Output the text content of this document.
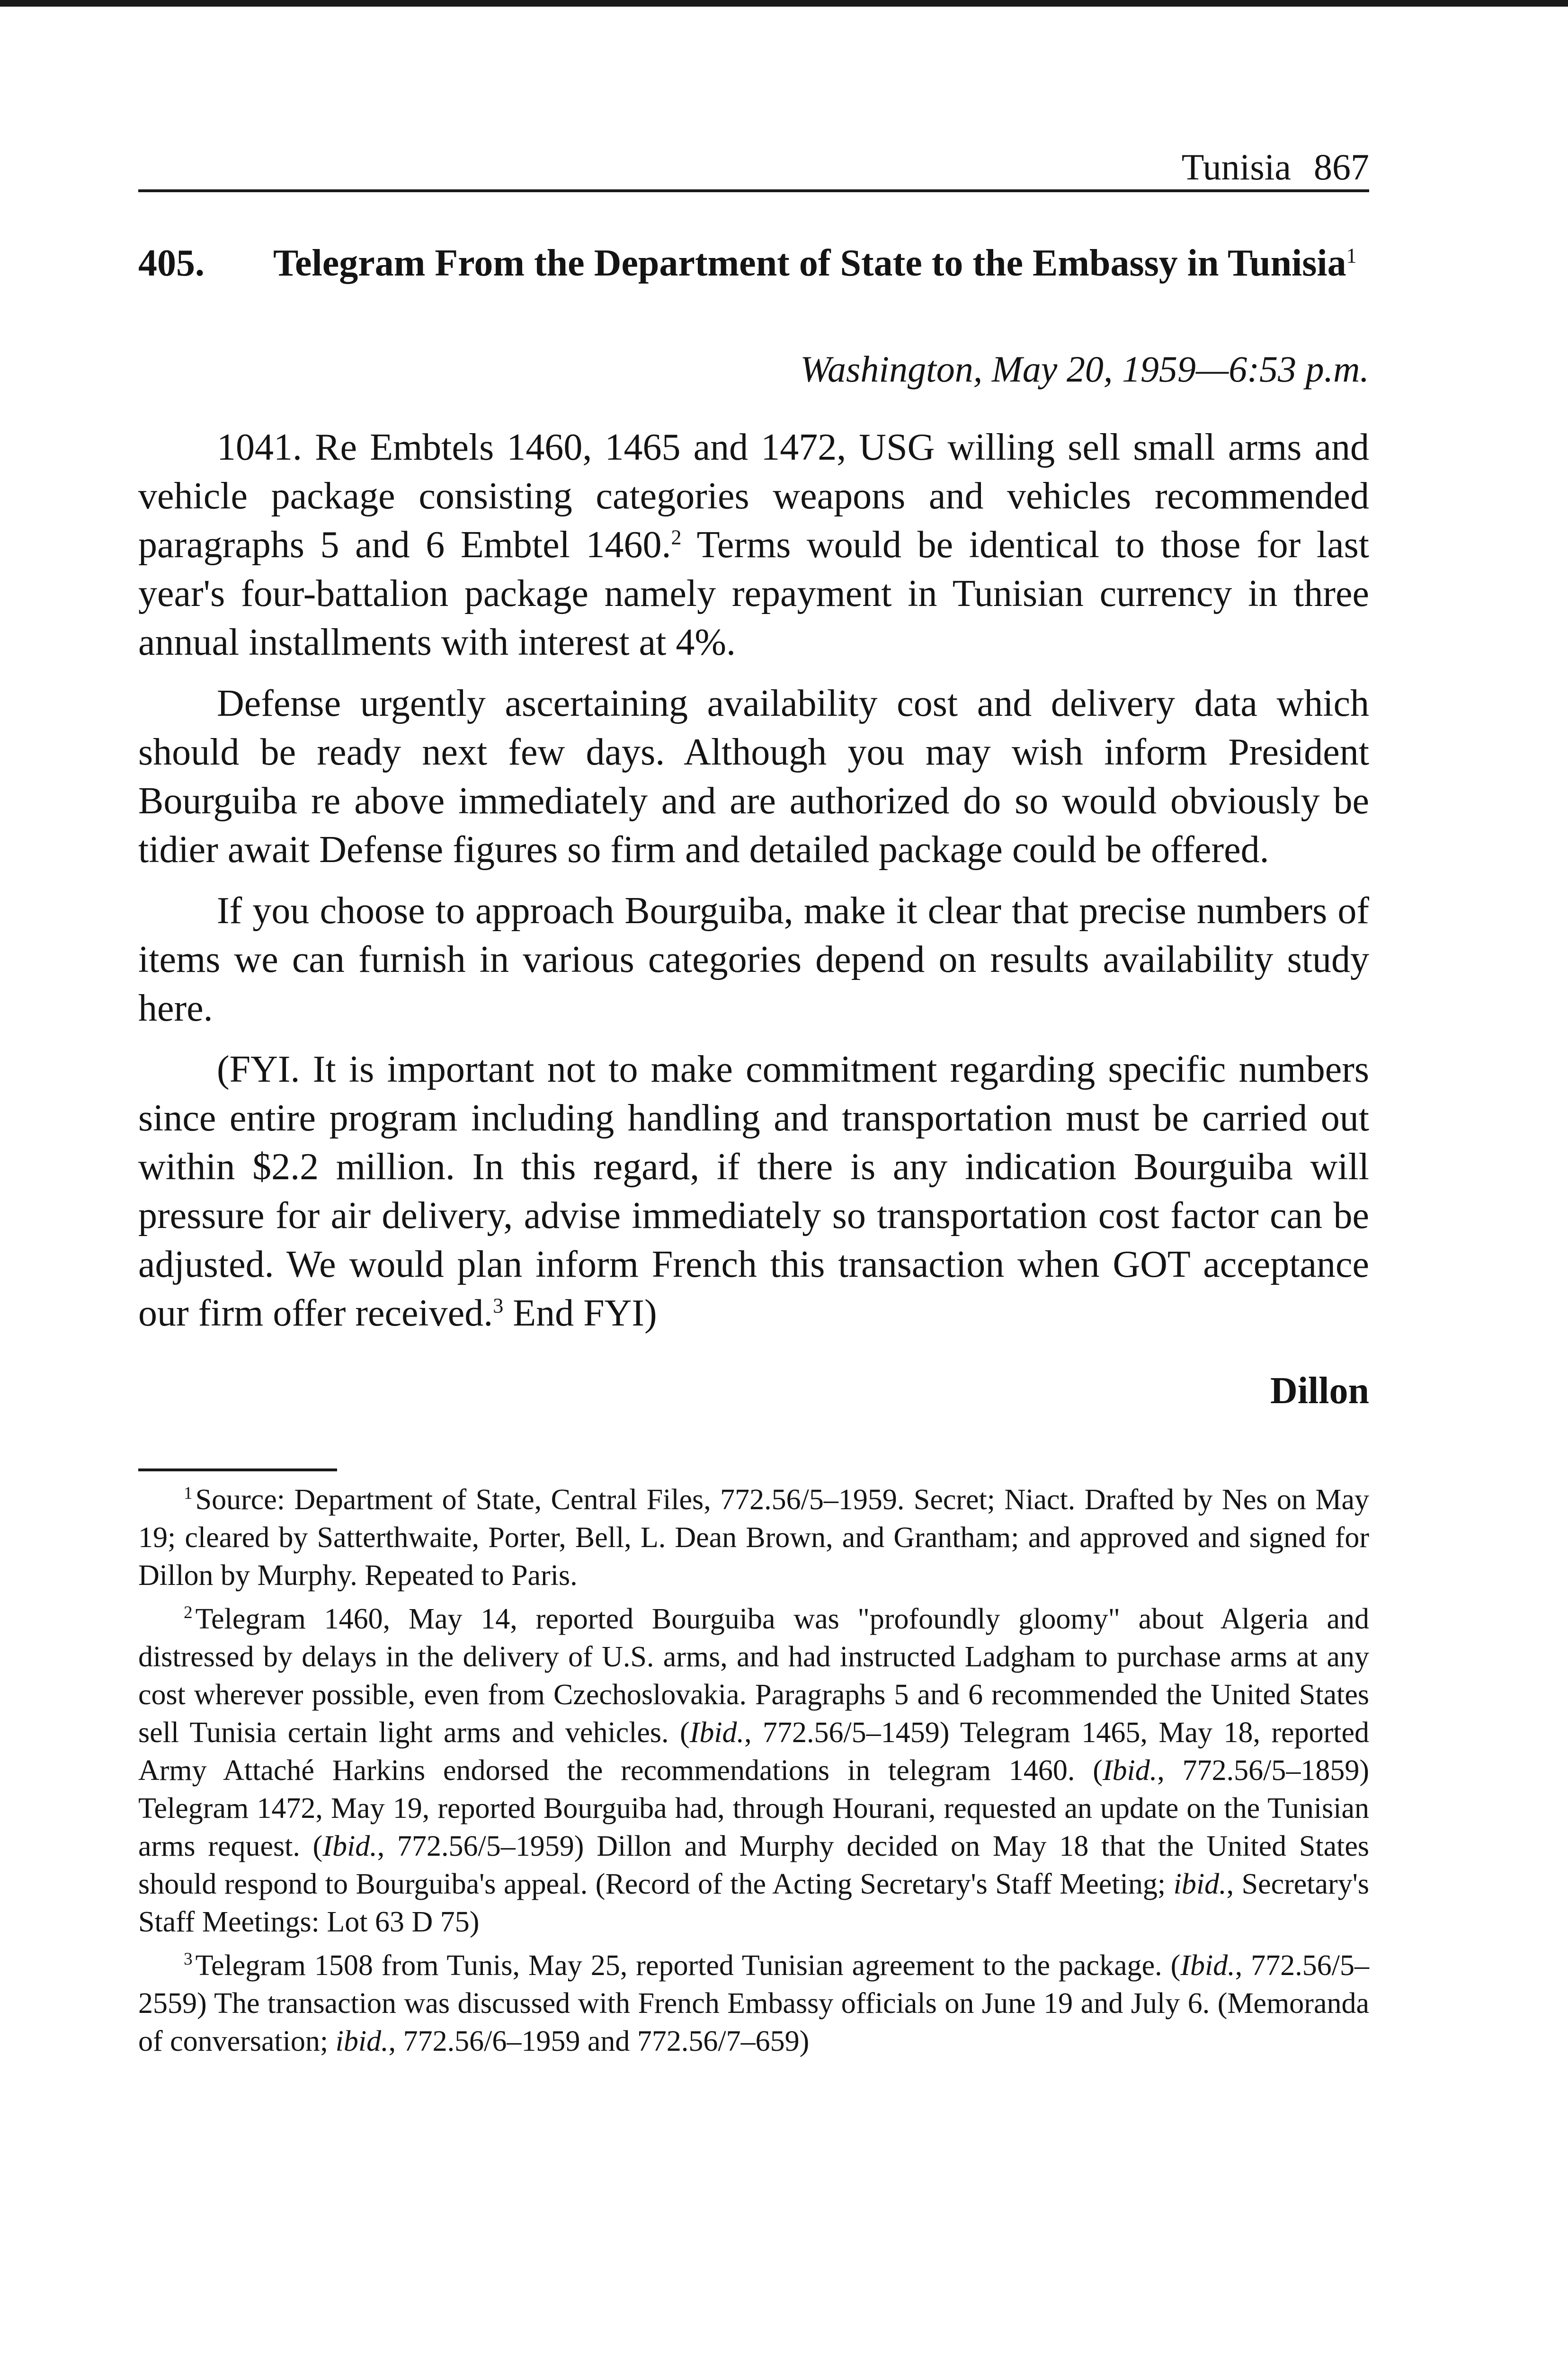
Tunisia 867
405.	Telegram From the Department of State to the Embassy in Tunisia$^1$
Washington, May 20, 1959—6:53 p.m.

1041. Re Embtels 1460, 1465 and 1472, USG willing sell small arms and vehicle package consisting categories weapons and vehicles recommended paragraphs 5 and 6 Embtel 1460.$^2$ Terms would be identical to those for last year's four-battalion package namely repayment in Tunisian currency in three annual installments with interest at 4%.

Defense urgently ascertaining availability cost and delivery data which should be ready next few days. Although you may wish inform President Bourguiba re above immediately and are authorized do so would obviously be tidier await Defense figures so firm and detailed package could be offered.

If you choose to approach Bourguiba, make it clear that precise numbers of items we can furnish in various categories depend on results availability study here.

(FYI. It is important not to make commitment regarding specific numbers since entire program including handling and transportation must be carried out within $2.2 million. In this regard, if there is any indication Bourguiba will pressure for air delivery, advise immediately so transportation cost factor can be adjusted. We would plan inform French this transaction when GOT acceptance our firm offer received.$^3$ End FYI)

Dillon

$^1$Source: Department of State, Central Files, 772.56/5–1959. Secret; Niact. Drafted by Nes on May 19; cleared by Satterthwaite, Porter, Bell, L. Dean Brown, and Grantham; and approved and signed for Dillon by Murphy. Repeated to Paris.

$^2$Telegram 1460, May 14, reported Bourguiba was "profoundly gloomy" about Algeria and distressed by delays in the delivery of U.S. arms, and had instructed Ladgham to purchase arms at any cost wherever possible, even from Czechoslovakia. Paragraphs 5 and 6 recommended the United States sell Tunisia certain light arms and vehicles. (Ibid., 772.56/5–1459) Telegram 1465, May 18, reported Army Attaché Harkins endorsed the recommendations in telegram 1460. (Ibid., 772.56/5–1859) Telegram 1472, May 19, reported Bourguiba had, through Hourani, requested an update on the Tunisian arms request. (Ibid., 772.56/5–1959) Dillon and Murphy decided on May 18 that the United States should respond to Bourguiba's appeal. (Record of the Acting Secretary's Staff Meeting; ibid., Secretary's Staff Meetings: Lot 63 D 75)

$^3$Telegram 1508 from Tunis, May 25, reported Tunisian agreement to the package. (Ibid., 772.56/5–2559) The transaction was discussed with French Embassy officials on June 19 and July 6. (Memoranda of conversation; ibid., 772.56/6–1959 and 772.56/7–659)
